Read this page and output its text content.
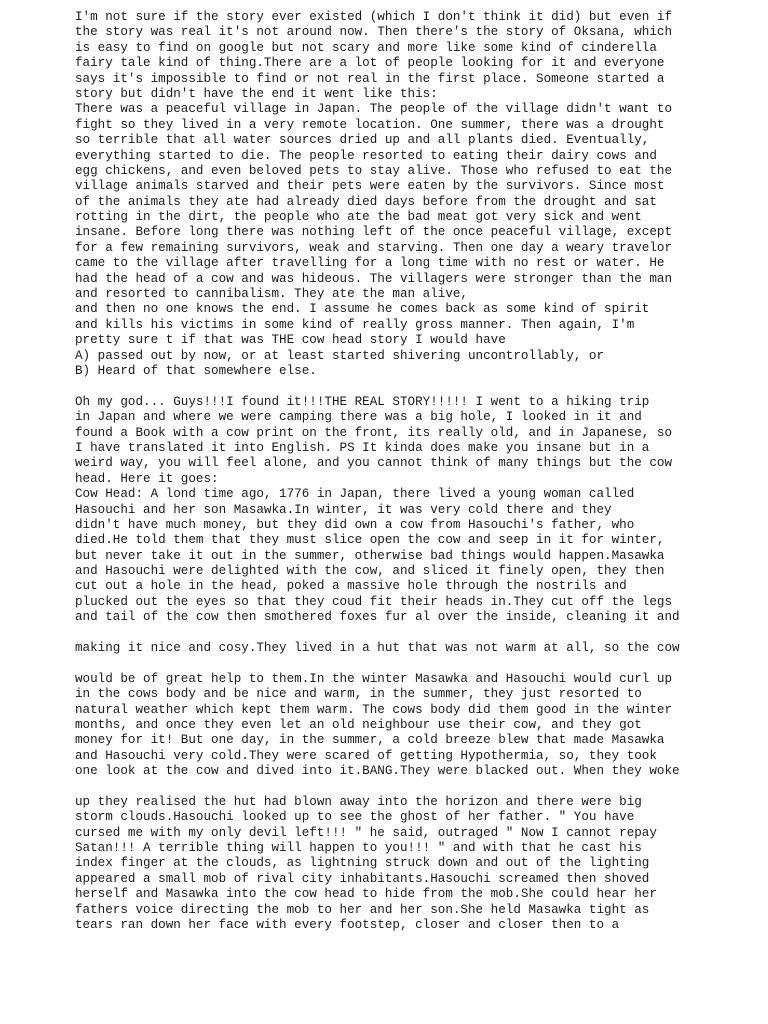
I'm not sure if the story ever existed (which I don't think it did) but even if
the story was real it's not around now. Then there's the story of Oksana, which
is easy to find on google but not scary and more like some kind of cinderella
fairy tale kind of thing.There are a lot of people looking for it and everyone
says it's impossible to find or not real in the first place. Someone started a
story but didn't have the end it went like this:
There was a peaceful village in Japan. The people of the village didn't want to
fight so they lived in a very remote location. One summer, there was a drought
so terrible that all water sources dried up and all plants died. Eventually,
everything started to die. The people resorted to eating their dairy cows and
egg chickens, and even beloved pets to stay alive. Those who refused to eat the
village animals starved and their pets were eaten by the survivors. Since most
of the animals they ate had already died days before from the drought and sat
rotting in the dirt, the people who ate the bad meat got very sick and went
insane. Before long there was nothing left of the once peaceful village, except
for a few remaining survivors, weak and starving. Then one day a weary travelor
came to the village after travelling for a long time with no rest or water. He
had the head of a cow and was hideous. The villagers were stronger than the man
and resorted to cannibalism. They ate the man alive,
and then no one knows the end. I assume he comes back as some kind of spirit
and kills his victims in some kind of really gross manner. Then again, I'm
pretty sure t if that was THE cow head story I would have
A) passed out by now, or at least started shivering uncontrollably, or
B) Heard of that somewhere else.
Oh my god... Guys!!!I found it!!!THE REAL STORY!!!!! I went to a hiking trip
in Japan and where we were camping there was a big hole, I looked in it and
found a Book with a cow print on the front, its really old, and in Japanese, so
I have translated it into English. PS It kinda does make you insane but in a
weird way, you will feel alone, and you cannot think of many things but the cow
head. Here it goes:
Cow Head: A lond time ago, 1776 in Japan, there lived a young woman called
Hasouchi and her son Masawka.In winter, it was very cold there and they
didn't have much money, but they did own a cow from Hasouchi's father, who
died.He told them that they must slice open the cow and seep in it for winter,
but never take it out in the summer, otherwise bad things would happen.Masawka
and Hasouchi were delighted with the cow, and sliced it finely open, they then
cut out a hole in the head, poked a massive hole through the nostrils and
plucked out the eyes so that they coud fit their heads in.They cut off the legs
and tail of the cow then smothered foxes fur al over the inside, cleaning it and
making it nice and cosy.They lived in a hut that was not warm at all, so the cow
would be of great help to them.In the winter Masawka and Hasouchi would curl up
in the cows body and be nice and warm, in the summer, they just resorted to
natural weather which kept them warm. The cows body did them good in the winter
months, and once they even let an old neighbour use their cow, and they got
money for it! But one day, in the summer, a cold breeze blew that made Masawka
and Hasouchi very cold.They were scared of getting Hypothermia, so, they took
one look at the cow and dived into it.BANG.They were blacked out. When they woke
up they realised the hut had blown away into the horizon and there were big
storm clouds.Hasouchi looked up to see the ghost of her father. " You have
cursed me with my only devil left!!! " he said, outraged " Now I cannot repay
Satan!!! A terrible thing will happen to you!!! " and with that he cast his
index finger at the clouds, as lightning struck down and out of the lighting
appeared a small mob of rival city inhabitants.Hasouchi screamed then shoved
herself and Masawka into the cow head to hide from the mob.She could hear her
fathers voice directing the mob to her and her son.She held Masawka tight as
tears ran down her face with every footstep, closer and closer then to a
